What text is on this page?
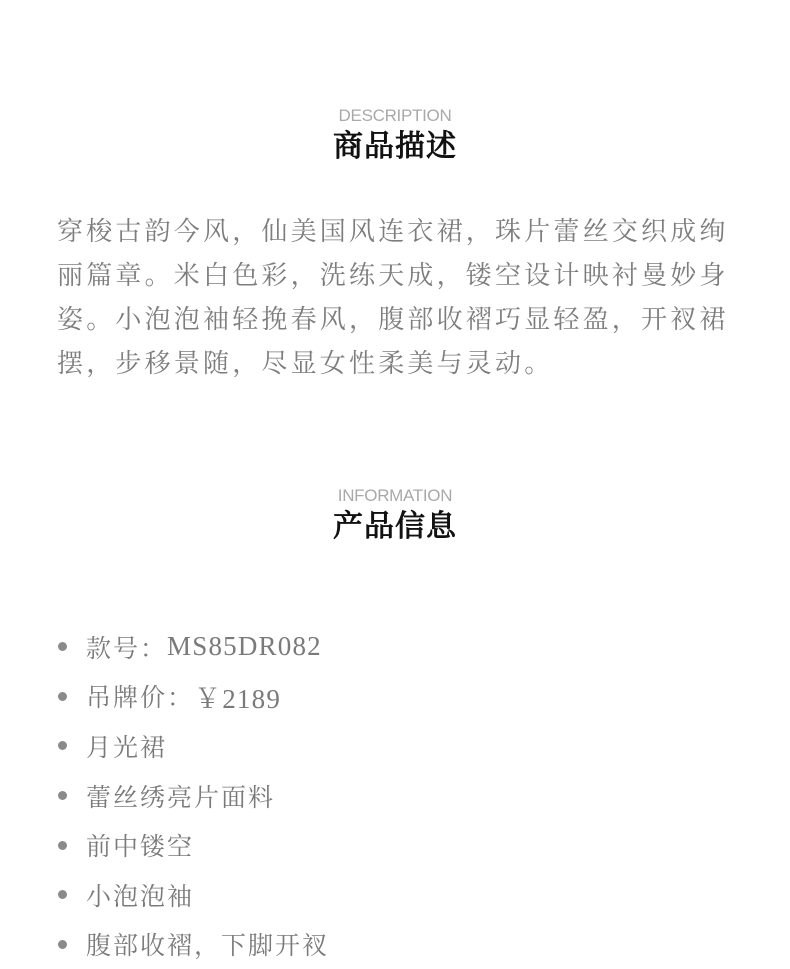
DESCRIPTION
商品描述

穿梭古韵今风，仙美国风连衣裙，珠片蕾丝交织成绚丽篇章。米白色彩，洗练天成，镂空设计映衬曼妙身姿。小泡泡袖轻挽春风，腹部收褶巧显轻盈，开衩裙摆，步移景随，尽显女性柔美与灵动。

INFORMATION
产品信息
款号： MS85DR082
吊牌价： ￥2189
月光裙
蕾丝绣亮片面料
前中镂空
小泡泡袖
腹部收褶，下脚开衩
